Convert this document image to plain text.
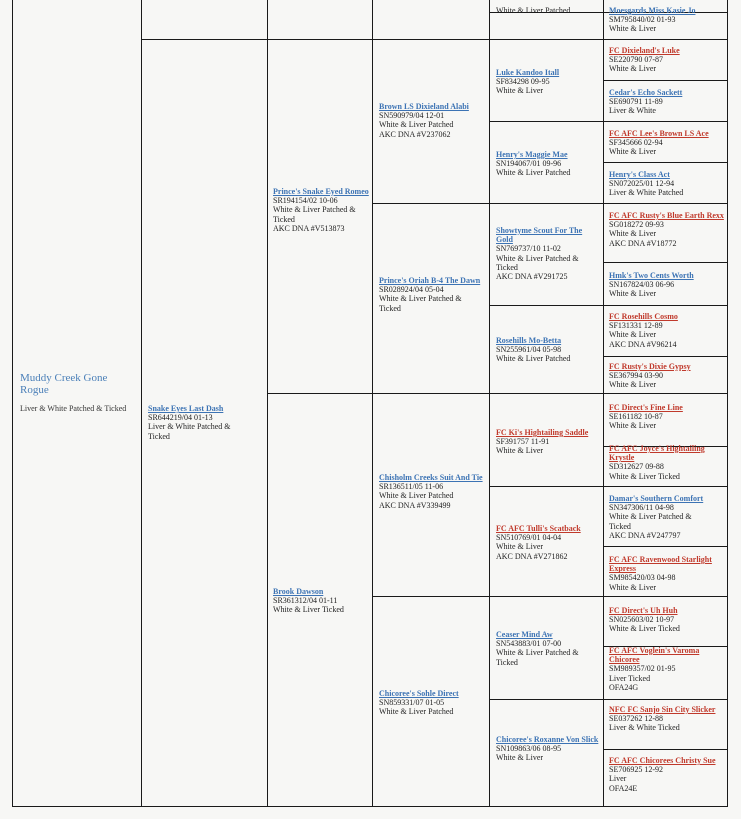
Muddy Creek Gone Rogue
Liver & White Patched & Ticked	Snake Eyes Last Dash
SR644219/04 01-13
Liver & White Patched &
Ticked
Prince's Snake Eyed Romeo
SR194154/02 10-06
White & Liver Patched &
Ticked
AKC DNA #V513873
Brook Dawson
SR361312/04 01-11
White & Liver Ticked
Brown LS Dixieland Alabi
SN590979/04 12-01
White & Liver Patched
AKC DNA #V237062
Prince's Oriah B-4 The Dawn
SR028924/04 05-04
White & Liver Patched &
Ticked
Chisholm Creeks Suit And Tie
SR136511/05 11-06
White & Liver Patched
AKC DNA #V339499
Chicoree's Sohle Direct
SN859331/07 01-05
White & Liver Patched
White & Liver Patched
Luke Kandoo Itall
SF834298 09-95
White & Liver
Henry's Maggie Mae
SN194067/01 09-96
White & Liver Patched
Showtyme Scout For The Gold
SN769737/10 11-02
White & Liver Patched &
Ticked
AKC DNA #V291725
Rosehills Mo-Betta
SN255961/04 05-98
White & Liver Patched
FC Ki's Hightailing Saddle
SF391757 11-91
White & Liver
FC AFC Tulli's Scatback
SN510769/01 04-04
White & Liver
AKC DNA #V271862
Ceaser Mind Aw
SN543883/01 07-00
White & Liver Patched &
Ticked
Chicoree's Roxanne Von Slick
SN109863/06 08-95
White & Liver
Moesgards Miss Kasie Jo
SM795840/02 01-93
White & Liver
FC Dixieland's Luke
SE220790 07-87
White & Liver
Cedar's Echo Sackett
SE690791 11-89
Liver & White
FC AFC Lee's Brown LS Ace
SF345666 02-94
White & Liver
Henry's Class Act
SN072025/01 12-94
Liver & White Patched
FC AFC Rusty's Blue Earth Rexx
SG018272 09-93
White & Liver
AKC DNA #V18772
Hmk's Two Cents Worth
SN167824/03 06-96
White & Liver
FC Rosehills Cosmo
SF131331 12-89
White & Liver
AKC DNA #V96214
FC Rusty's Dixie Gypsy
SE367994 03-90
White & Liver
FC Direct's Fine Line
SE161182 10-87
White & Liver
FC AFC Joyce's Hightailing Krystle
SD312627 09-88
White & Liver Ticked
Damar's Southern Comfort
SN347306/11 04-98
White & Liver Patched &
Ticked
AKC DNA #V247797
FC AFC Ravenwood Starlight Express
SM985420/03 04-98
White & Liver
FC Direct's Uh Huh
SN025603/02 10-97
White & Liver Ticked
FC AFC Voglein's Varoma Chicoree
SM989357/02 01-95
Liver Ticked
OFA24G
NFC FC Sanjo Sin City Slicker
SE037262 12-88
Liver & White Ticked
FC AFC Chicorees Christy Sue
SE706925 12-92
Liver
OFA24E
